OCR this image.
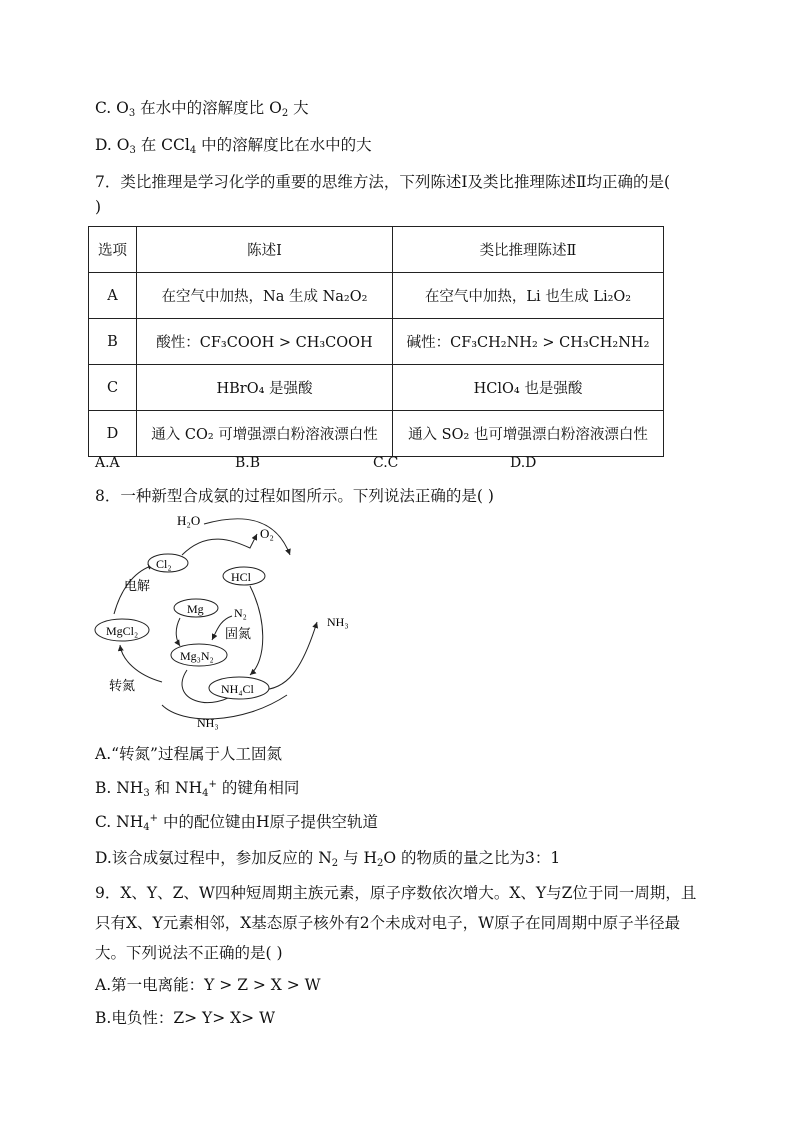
C. $O_3$ 在水中的溶解度比 $O_2$ 大
D. $O_3$ 在 CCl$_4$ 中的溶解度比在水中的大
7．类比推理是学习化学的重要的思维方法，下列陈述Ⅰ及类比推理陈述Ⅱ均正确的是(
)
选项	陈述Ⅰ	类比推理陈述Ⅱ
A	在空气中加热，Na 生成 Na₂O₂	在空气中加热，Li 也生成 Li₂O₂
B	酸性：CF₃COOH > CH₃COOH	碱性：CF₃CH₂NH₂ > CH₃CH₂NH₂
C	HBrO₄ 是强酸	HClO₄ 也是强酸
D	通入 CO₂ 可增强漂白粉溶液漂白性	通入 SO₂ 也可增强漂白粉溶液漂白性
A.A	B.B	C.C	D.D
8．一种新型合成氨的过程如图所示。下列说法正确的是( )
H₂O
O₂
Cl₂
HCl
电解
Mg	N₂
MgCl₂	固氮
NH₃
Mg₃N₂
转氮	NH₄Cl
NH₃
A.“转氮”过程属于人工固氮
B. $NH_3$ 和 $NH_4^+$ 的键角相同
C. $NH_4^+$ 中的配位键由H原子提供空轨道
D.该合成氨过程中，参加反应的 $N_2$ 与 $H_2O$ 的物质的量之比为3：1
9．X、Y、Z、W四种短周期主族元素，原子序数依次增大。X、Y与Z位于同一周期，且只有X、Y元素相邻，X基态原子核外有2个未成对电子，W原子在同周期中原子半径最大。下列说法不正确的是( )
A.第一电离能：Y > Z > X > W
B.电负性：Z> Y> X> W
